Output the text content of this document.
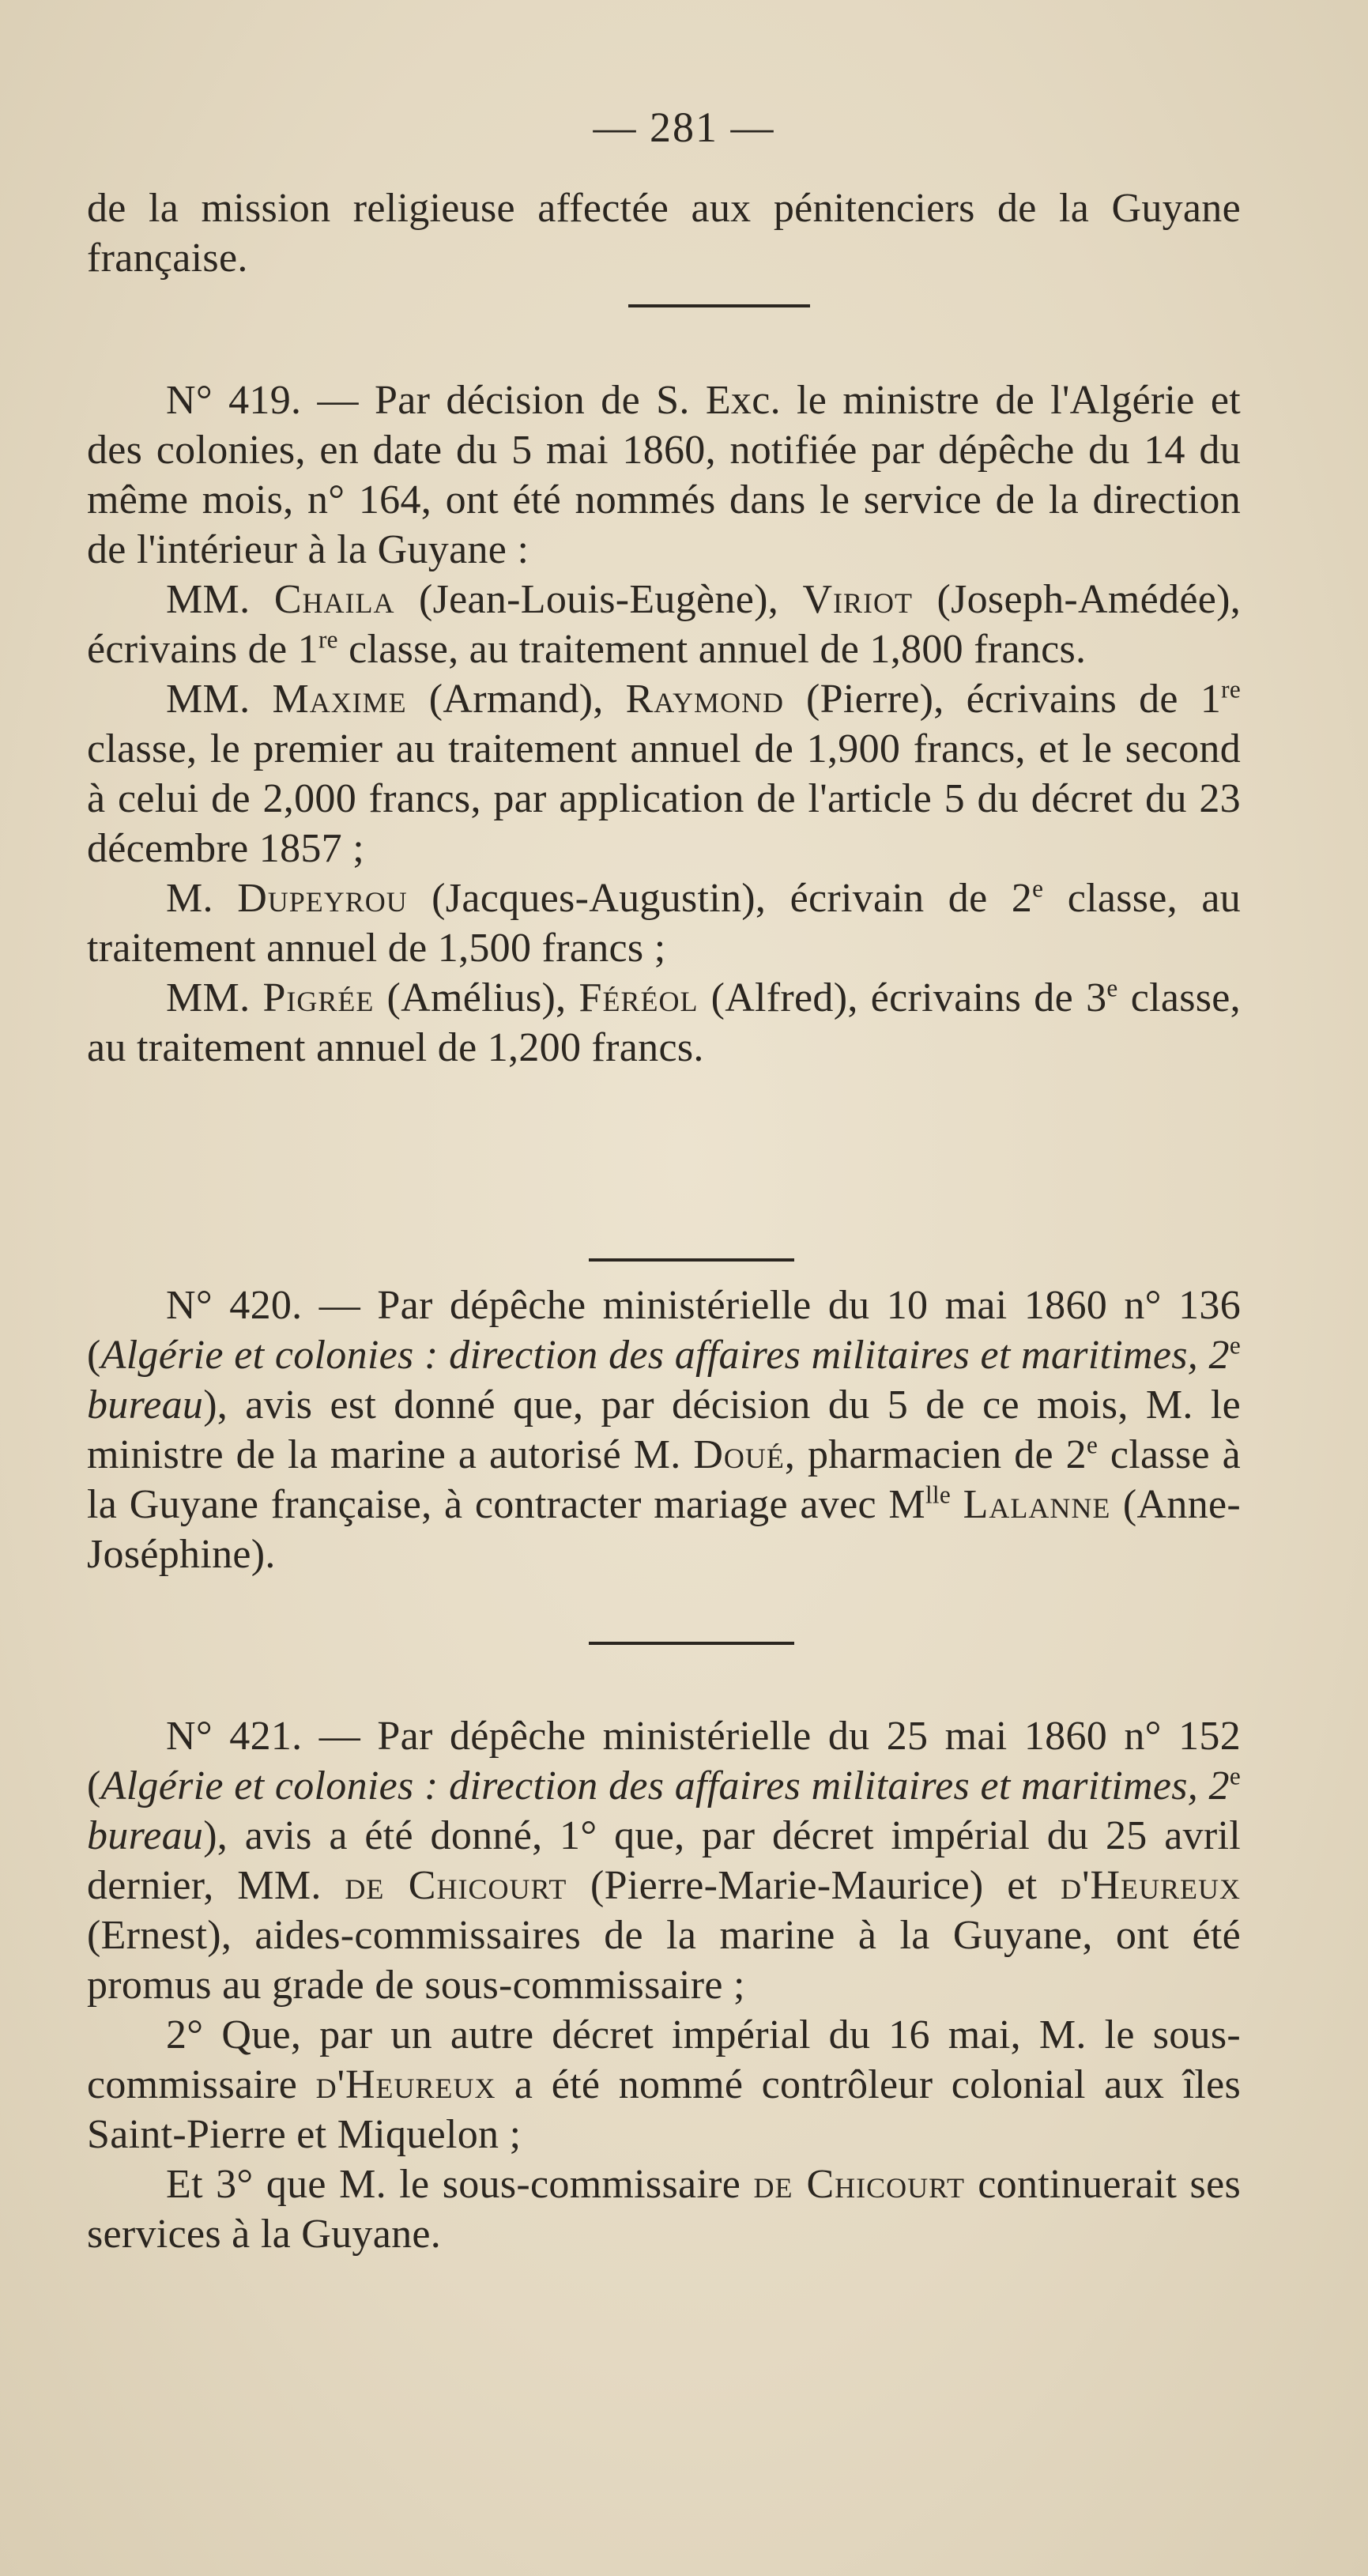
— 281 —

de la mission religieuse affectée aux pénitenciers de la Guyane française.

N° 419. — Par décision de S. Exc. le ministre de l'Algérie et des colonies, en date du 5 mai 1860, notifiée par dépêche du 14 du même mois, n° 164, ont été nommés dans le service de la direction de l'intérieur à la Guyane :

MM. Chaila (Jean-Louis-Eugène), Viriot (Joseph-Amédée), écrivains de 1re classe, au traitement annuel de 1,800 francs.

MM. Maxime (Armand), Raymond (Pierre), écrivains de 1re classe, le premier au traitement annuel de 1,900 francs, et le second à celui de 2,000 francs, par application de l'article 5 du décret du 23 décembre 1857 ;

M. Dupeyrou (Jacques-Augustin), écrivain de 2e classe, au traitement annuel de 1,500 francs ;

MM. Pigrée (Amélius), Féréol (Alfred), écrivains de 3e classe, au traitement annuel de 1,200 francs.

N° 420. — Par dépêche ministérielle du 10 mai 1860 n° 136 (Algérie et colonies : direction des affaires militaires et maritimes, 2e bureau), avis est donné que, par décision du 5 de ce mois, M. le ministre de la marine a autorisé M. Doué, pharmacien de 2e classe à la Guyane française, à contracter mariage avec $M^{lle}$ Lalanne (Anne-Joséphine).

N° 421. — Par dépêche ministérielle du 25 mai 1860 n° 152 (Algérie et colonies : direction des affaires militaires et maritimes, 2e bureau), avis a été donné, 1° que, par décret impérial du 25 avril dernier, MM. de Chicourt (Pierre-Marie-Maurice) et d'Heureux (Ernest), aides-commissaires de la marine à la Guyane, ont été promus au grade de sous-commissaire ;

2° Que, par un autre décret impérial du 16 mai, M. le sous-commissaire d'Heureux a été nommé contrôleur colonial aux îles Saint-Pierre et Miquelon ;

Et 3° que M. le sous-commissaire de Chicourt continuerait ses services à la Guyane.
